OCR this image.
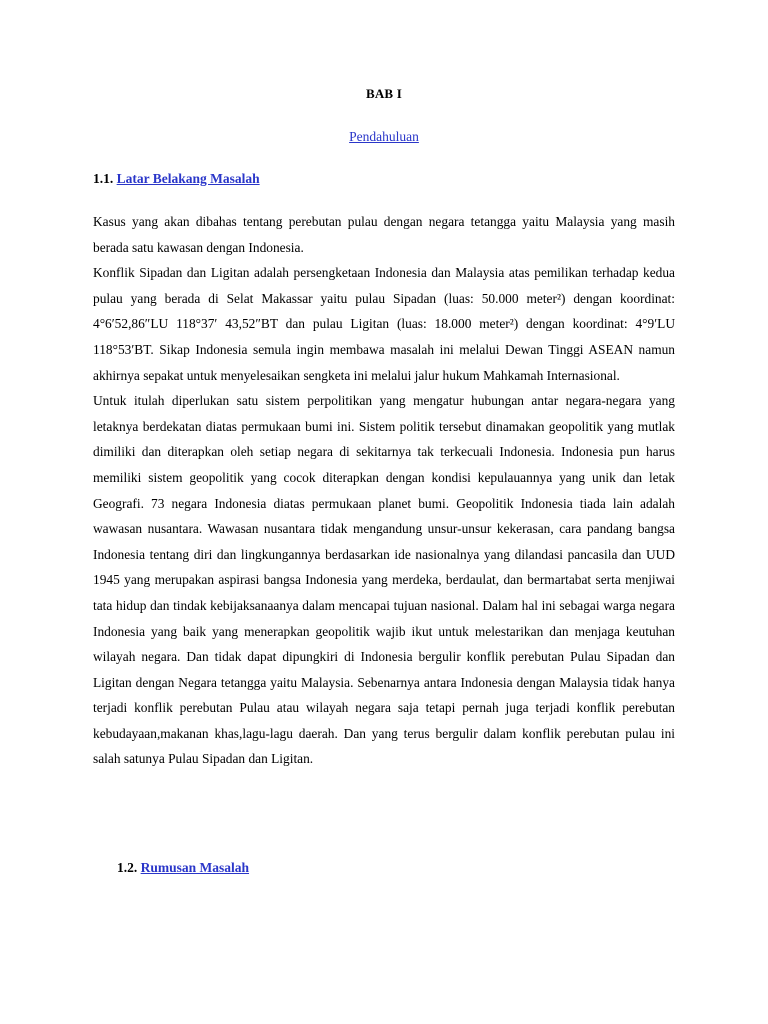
BAB I
Pendahuluan
1.1. Latar Belakang Masalah

Kasus yang akan dibahas tentang perebutan pulau dengan negara tetangga yaitu Malaysia yang masih berada satu kawasan dengan Indonesia.

Konflik Sipadan dan Ligitan adalah persengketaan Indonesia dan Malaysia atas pemilikan terhadap kedua pulau yang berada di Selat Makassar yaitu pulau Sipadan (luas: 50.000 meter²) dengan koordinat: 4°6′52,86″LU 118°37′ 43,52″BT dan pulau Ligitan (luas: 18.000 meter²) dengan koordinat: 4°9′LU 118°53′BT. Sikap Indonesia semula ingin membawa masalah ini melalui Dewan Tinggi ASEAN namun akhirnya sepakat untuk menyelesaikan sengketa ini melalui jalur hukum Mahkamah Internasional.

Untuk itulah diperlukan satu sistem perpolitikan yang mengatur hubungan antar negara-negara yang letaknya berdekatan diatas permukaan bumi ini. Sistem politik tersebut dinamakan geopolitik yang mutlak dimiliki dan diterapkan oleh setiap negara di sekitarnya tak terkecuali Indonesia. Indonesia pun harus memiliki sistem geopolitik yang cocok diterapkan dengan kondisi kepulauannya yang unik dan letak Geografi. 73 negara Indonesia diatas permukaan planet bumi. Geopolitik Indonesia tiada lain adalah wawasan nusantara. Wawasan nusantara tidak mengandung unsur-unsur kekerasan, cara pandang bangsa Indonesia tentang diri dan lingkungannya berdasarkan ide nasionalnya yang dilandasi pancasila dan UUD 1945 yang merupakan aspirasi bangsa Indonesia yang merdeka, berdaulat, dan bermartabat serta menjiwai tata hidup dan tindak kebijaksanaanya dalam mencapai tujuan nasional. Dalam hal ini sebagai warga negara Indonesia yang baik yang menerapkan geopolitik wajib ikut untuk melestarikan dan menjaga keutuhan wilayah negara. Dan tidak dapat dipungkiri di Indonesia bergulir konflik perebutan Pulau Sipadan dan Ligitan dengan Negara tetangga yaitu Malaysia. Sebenarnya antara Indonesia dengan Malaysia tidak hanya terjadi konflik perebutan Pulau atau wilayah negara saja tetapi pernah juga terjadi konflik perebutan kebudayaan,makanan khas,lagu-lagu daerah. Dan yang terus bergulir dalam konflik perebutan pulau ini salah satunya Pulau Sipadan dan Ligitan.

1.2. Rumusan Masalah
